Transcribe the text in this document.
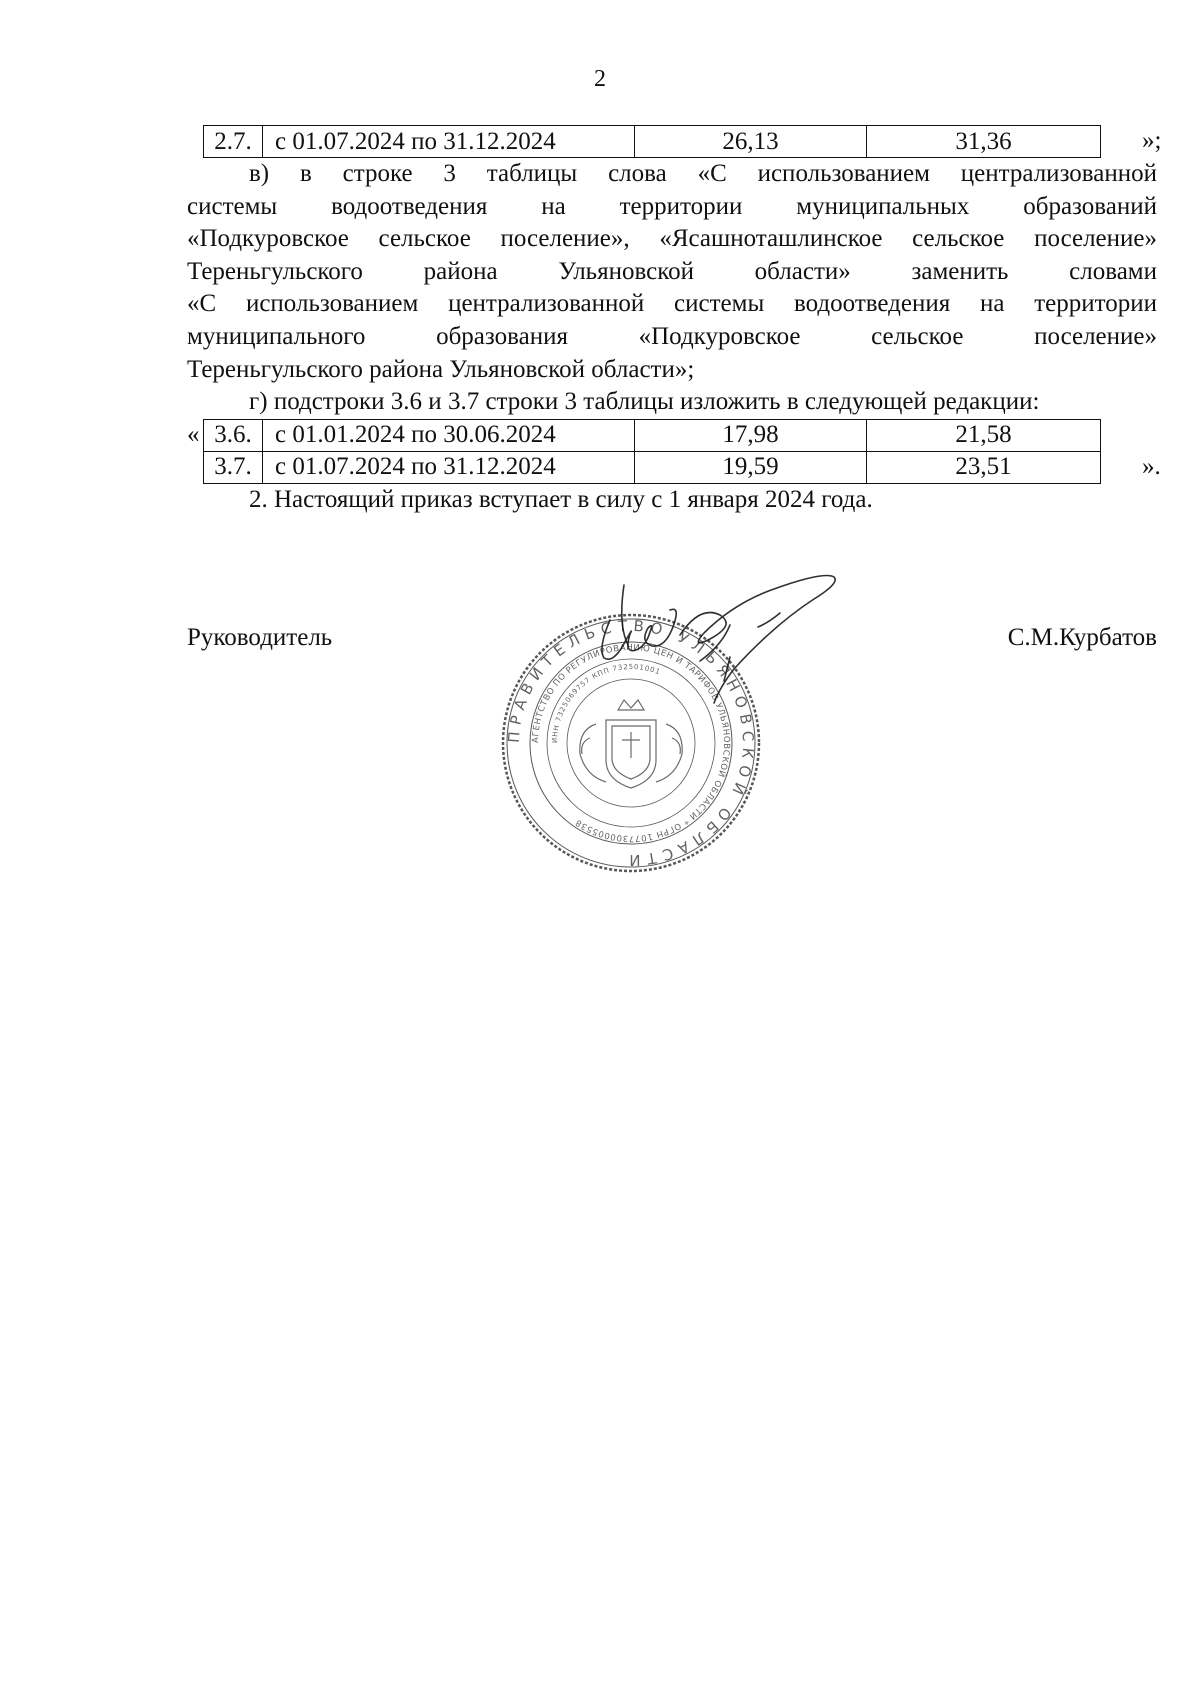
2
2.7.	с 01.07.2024 по 31.12.2024	26,13	31,36	»;

в) в строке 3 таблицы слова «С использованием централизованной

системы водоотведения на территории муниципальных образований

«Подкуровское сельское поселение», «Ясашноташлинское сельское поселение»

Тереньгульского района Ульяновской области» заменить словами

«С использованием централизованной системы водоотведения на территории

муниципального образования «Подкуровское сельское поселение»

Тереньгульского района Ульяновской области»;

г) подстроки 3.6 и 3.7 строки 3 таблицы изложить в следующей редакции:

« 3.6.	с 01.01.2024 по 30.06.2024	17,98	21,58
3.7.	с 01.07.2024 по 31.12.2024	19,59	23,51	».

2. Настоящий приказ вступает в силу с 1 января 2024 года.

Руководитель	С.М.Курбатов
ПРАВИТЕЛЬСТВО УЛЬЯНОВСКОЙ ОБЛАСТИ
АГЕНТСТВО ПО РЕГУЛИРОВАНИЮ ЦЕН И ТАРИФОВ УЛЬЯНОВСКОЙ ОБЛАСТИ * ОГРН 1077300005538
ИНН 7325069757 КПП 732501001
